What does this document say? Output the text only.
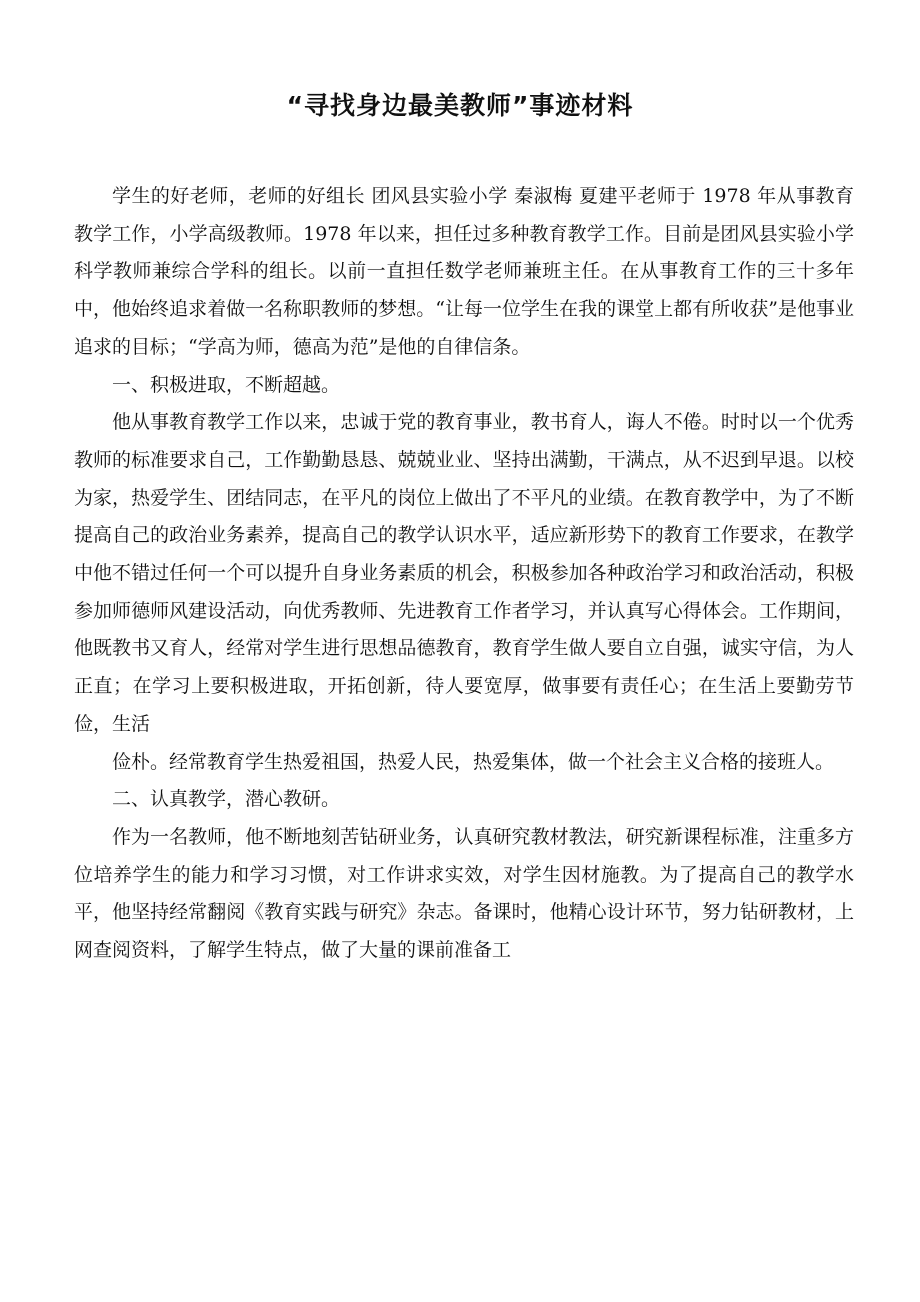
“寻找身边最美教师”事迹材料

学生的好老师，老师的好组长 团风县实验小学 秦淑梅 夏建平老师于 1978 年从事教育教学工作，小学高级教师。1978 年以来，担任过多种教育教学工作。目前是团风县实验小学科学教师兼综合学科的组长。以前一直担任数学老师兼班主任。在从事教育工作的三十多年中，他始终追求着做一名称职教师的梦想。“让每一位学生在我的课堂上都有所收获”是他事业追求的目标；“学高为师，德高为范”是他的自律信条。

一、积极进取，不断超越。

他从事教育教学工作以来，忠诚于党的教育事业，教书育人，诲人不倦。时时以一个优秀教师的标准要求自己，工作勤勤恳恳、兢兢业业、坚持出满勤，干满点，从不迟到早退。以校为家，热爱学生、团结同志，在平凡的岗位上做出了不平凡的业绩。在教育教学中，为了不断提高自己的政治业务素养，提高自己的教学认识水平，适应新形势下的教育工作要求，在教学中他不错过任何一个可以提升自身业务素质的机会，积极参加各种政治学习和政治活动，积极参加师德师风建设活动，向优秀教师、先进教育工作者学习，并认真写心得体会。工作期间，他既教书又育人，经常对学生进行思想品德教育，教育学生做人要自立自强，诚实守信，为人正直；在学习上要积极进取，开拓创新，待人要宽厚，做事要有责任心；在生活上要勤劳节俭，生活

俭朴。经常教育学生热爱祖国，热爱人民，热爱集体，做一个社会主义合格的接班人。

二、认真教学，潜心教研。

作为一名教师，他不断地刻苦钻研业务，认真研究教材教法，研究新课程标准，注重多方位培养学生的能力和学习习惯，对工作讲求实效，对学生因材施教。为了提高自己的教学水平，他坚持经常翻阅《教育实践与研究》杂志。备课时，他精心设计环节，努力钻研教材，上网查阅资料，了解学生特点，做了大量的课前准备工
